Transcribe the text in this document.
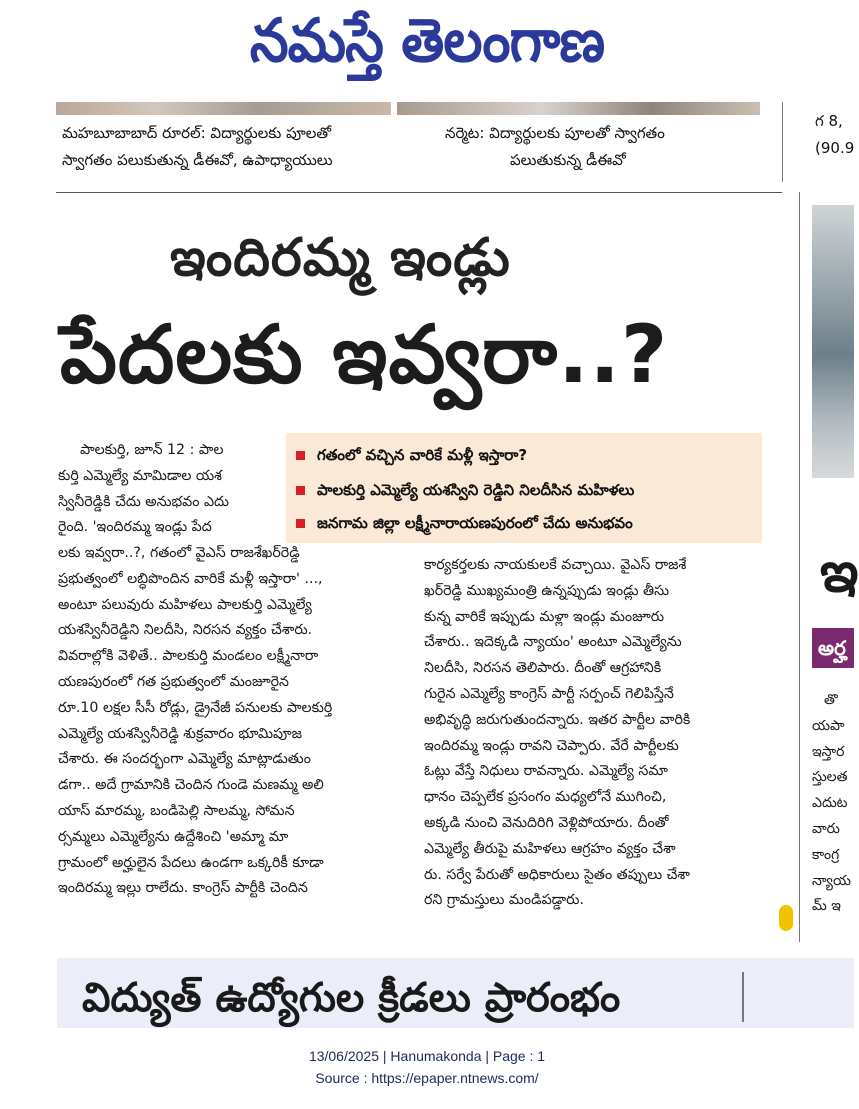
నమస్తే తెలంగాణ
మహబూబాబాద్ రూరల్: విద్యార్థులకు పూలతో
స్వాగతం పలుకుతున్న డీఈవో, ఉపాధ్యాయులు
నర్మెట: విద్యార్థులకు పూలతో స్వాగతం
పలుతుకున్న డీఈవో
గ 8,
(90.9
ఇందిరమ్మ ఇండ్లు
పేదలకు ఇవ్వరా..?
గతంలో వచ్చిన వారికే మళ్లీ ఇస్తారా?
పాలకుర్తి ఎమ్మెల్యే యశస్విని రెడ్డిని నిలదీసిన మహిళలు
జనగామ జిల్లా లక్ష్మీనారాయణపురంలో చేదు అనుభవం

పాలకుర్తి, జూన్ 12 : పాల

కుర్తి ఎమ్మెల్యే మామిడాల యశ

స్వినీరెడ్డికి చేదు అనుభవం ఎదు

రైంది. 'ఇందిరమ్మ ఇండ్లు పేద

లకు ఇవ్వరా..?, గతంలో వైఎస్ రాజశేఖర్‌రెడ్డి

ప్రభుత్వంలో లబ్ధిపొందిన వారికే మళ్లీ ఇస్తారా' ...,

అంటూ పలువురు మహిళలు పాలకుర్తి ఎమ్మెల్యే

యశస్వినీరెడ్డిని నిలదీసి, నిరసన వ్యక్తం చేశారు.

వివరాల్లోకి వెళితే.. పాలకుర్తి మండలం లక్ష్మీనారా

యణపురంలో గత ప్రభుత్వంలో మంజూరైన

రూ.10 లక్షల సీసీ రోడ్లు, డ్రైనేజీ పనులకు పాలకుర్తి

ఎమ్మెల్యే యశస్వినీరెడ్డి శుక్రవారం భూమిపూజ

చేశారు. ఈ సందర్భంగా ఎమ్మెల్యే మాట్లాడుతుం

డగా.. అదే గ్రామానికి చెందిన గుండె మణమ్మ అలి

యాస్ మారమ్మ, బండిపెల్లి సాలమ్మ, సోమన

ర్సమ్మలు ఎమ్మెల్యేను ఉద్దేశించి 'అమ్మా మా

గ్రామంలో అర్హులైన పేదలు ఉండగా ఒక్కరికీ కూడా

ఇందిరమ్మ ఇల్లు రాలేదు. కాంగ్రెస్ పార్టీకి చెందిన

కార్యకర్తలకు నాయకులకే వచ్చాయి. వైఎస్ రాజశే

ఖర్‌రెడ్డి ముఖ్యమంత్రి ఉన్నప్పుడు ఇండ్లు తీసు

కున్న వారికే ఇప్పుడు మళ్లా ఇండ్లు మంజూరు

చేశారు.. ఇదెక్కడి న్యాయం' అంటూ ఎమ్మెల్యేను

నిలదీసి, నిరసన తెలిపారు. దీంతో ఆగ్రహానికి

గురైన ఎమ్మెల్యే కాంగ్రెస్ పార్టీ సర్పంచ్ గెలిపిస్తేనే

అభివృద్ధి జరుగుతుందన్నారు. ఇతర పార్టీల వారికి

ఇందిరమ్మ ఇండ్లు రావని చెప్పారు. వేరే పార్టీలకు

ఓట్లు వేస్తే నిధులు రావన్నారు. ఎమ్మెల్యే సమా

ధానం చెప్పలేక ప్రసంగం మధ్యలోనే ముగించి,

అక్కడి నుంచి వెనుదిరిగి వెళ్లిపోయారు. దీంతో

ఎమ్మెల్యే తీరుపై మహిళలు ఆగ్రహం వ్యక్తం చేశా

రు. సర్వే పేరుతో అధికారులు సైతం తప్పులు చేశా

రని గ్రామస్తులు మండిపడ్డారు.

ఇ
అర్హ
తొ
యపా
ఇస్తార
స్తులత
ఎదుట
వారు
కాంగ్ర
న్యాయ
మ్ ఇ
విద్యుత్ ఉద్యోగుల క్రీడలు ప్రారంభం
13/06/2025 | Hanumakonda | Page : 1
Source : https://epaper.ntnews.com/
